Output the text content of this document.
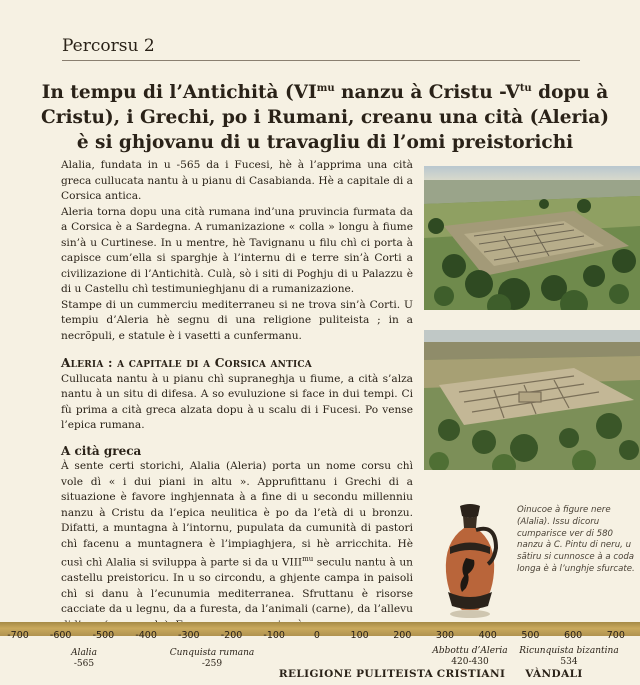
Percorsu 2
In tempu di l’Antichità ($VI^{mu}$ nanzu à Cristu $-V^{tu}$ dopu à Cristu), i Grechi, po i Rumani, creanu una cità (Aleria) è si ghjovanu di u travagliu di l’omi preistorichi

Alalia, fundata in u -565 da i Fucesi, hè à l’apprima una cità greca cullucata nantu à u pianu di Casabianda. Hè a capitale di a Corsica antica.

Aleria torna dopu una cità rumana ind’una pruvincia furmata da a Corsica è a Sardegna. A rumanizazione « colla » longu à fiume sin’à u Curtinese. In u mentre, hè Tavignanu u filu chì ci porta à capisce cum’ella si sparghje à l’internu di e terre sin’à Corti a civilizazione di l’Antichità. Culà, sò i siti di Poghju di u Palazzu è di u Castellu chì testimunieghjanu di a rumanizazione.

Stampe di un cummerciu mediterraneu si ne trova sin’à Corti. U tempiu d’Aleria hè segnu di una religione puliteista ; in a necrõpuli, e statule è i vasetti a cunfermanu.

Aleria : a capitale di a Corsica antica

Cullucata nantu à u pianu chì supraneghja u fiume, a cità s’alza nantu à un situ di difesa. A so evuluzione si face in dui tempi. Ci fù prima a cità greca alzata dopu à u scalu di i Fucesi. Po vense l’epica rumana.

A cità greca

À sente certi storichi, Alalia (Aleria) porta un nome corsu chì vole dì « i dui piani in altu ». Apprufittanu i Grechi di a situazione è favore inghjennata à a fine di u secondu millenniu nanzu à Cristu da l’epica neulitica è po da l’età di u bronzu. Difatti, a muntagna à l’intornu, pupulata da cumunità di pastori chì facenu a muntagnera è l’impiaghjera, si hè arricchita. Hè cusì chì Alalia si sviluppa à parte si da u $VIII^{mu}$ seculu nantu à un castellu preistoricu. In u so circondu, a ghjente campa in paisoli chì si danu à l’ecunumia mediterranea. Sfruttanu è risorse cacciate da u legnu, da a furesta, da l’animali (carne), da l’allevu

Oinucoe à figure nere (Alalia). Issu dicoru cumparisce ver di 580 nanzu à C. Pintu di neru, u sãtiru si cunnosce à a coda longa è à l’unghje sfurcate.
-700 -600 -500 -400 -300 -200 -100	0	100	200	300	400	500	600	700
Alalia
-565
Cunquista rumana
-259
Abbottu d’Aleria
420-430
Ricunquista bizantina
534
RELIGIONE PULITEISTA CRISTIANI VÀNDALI
